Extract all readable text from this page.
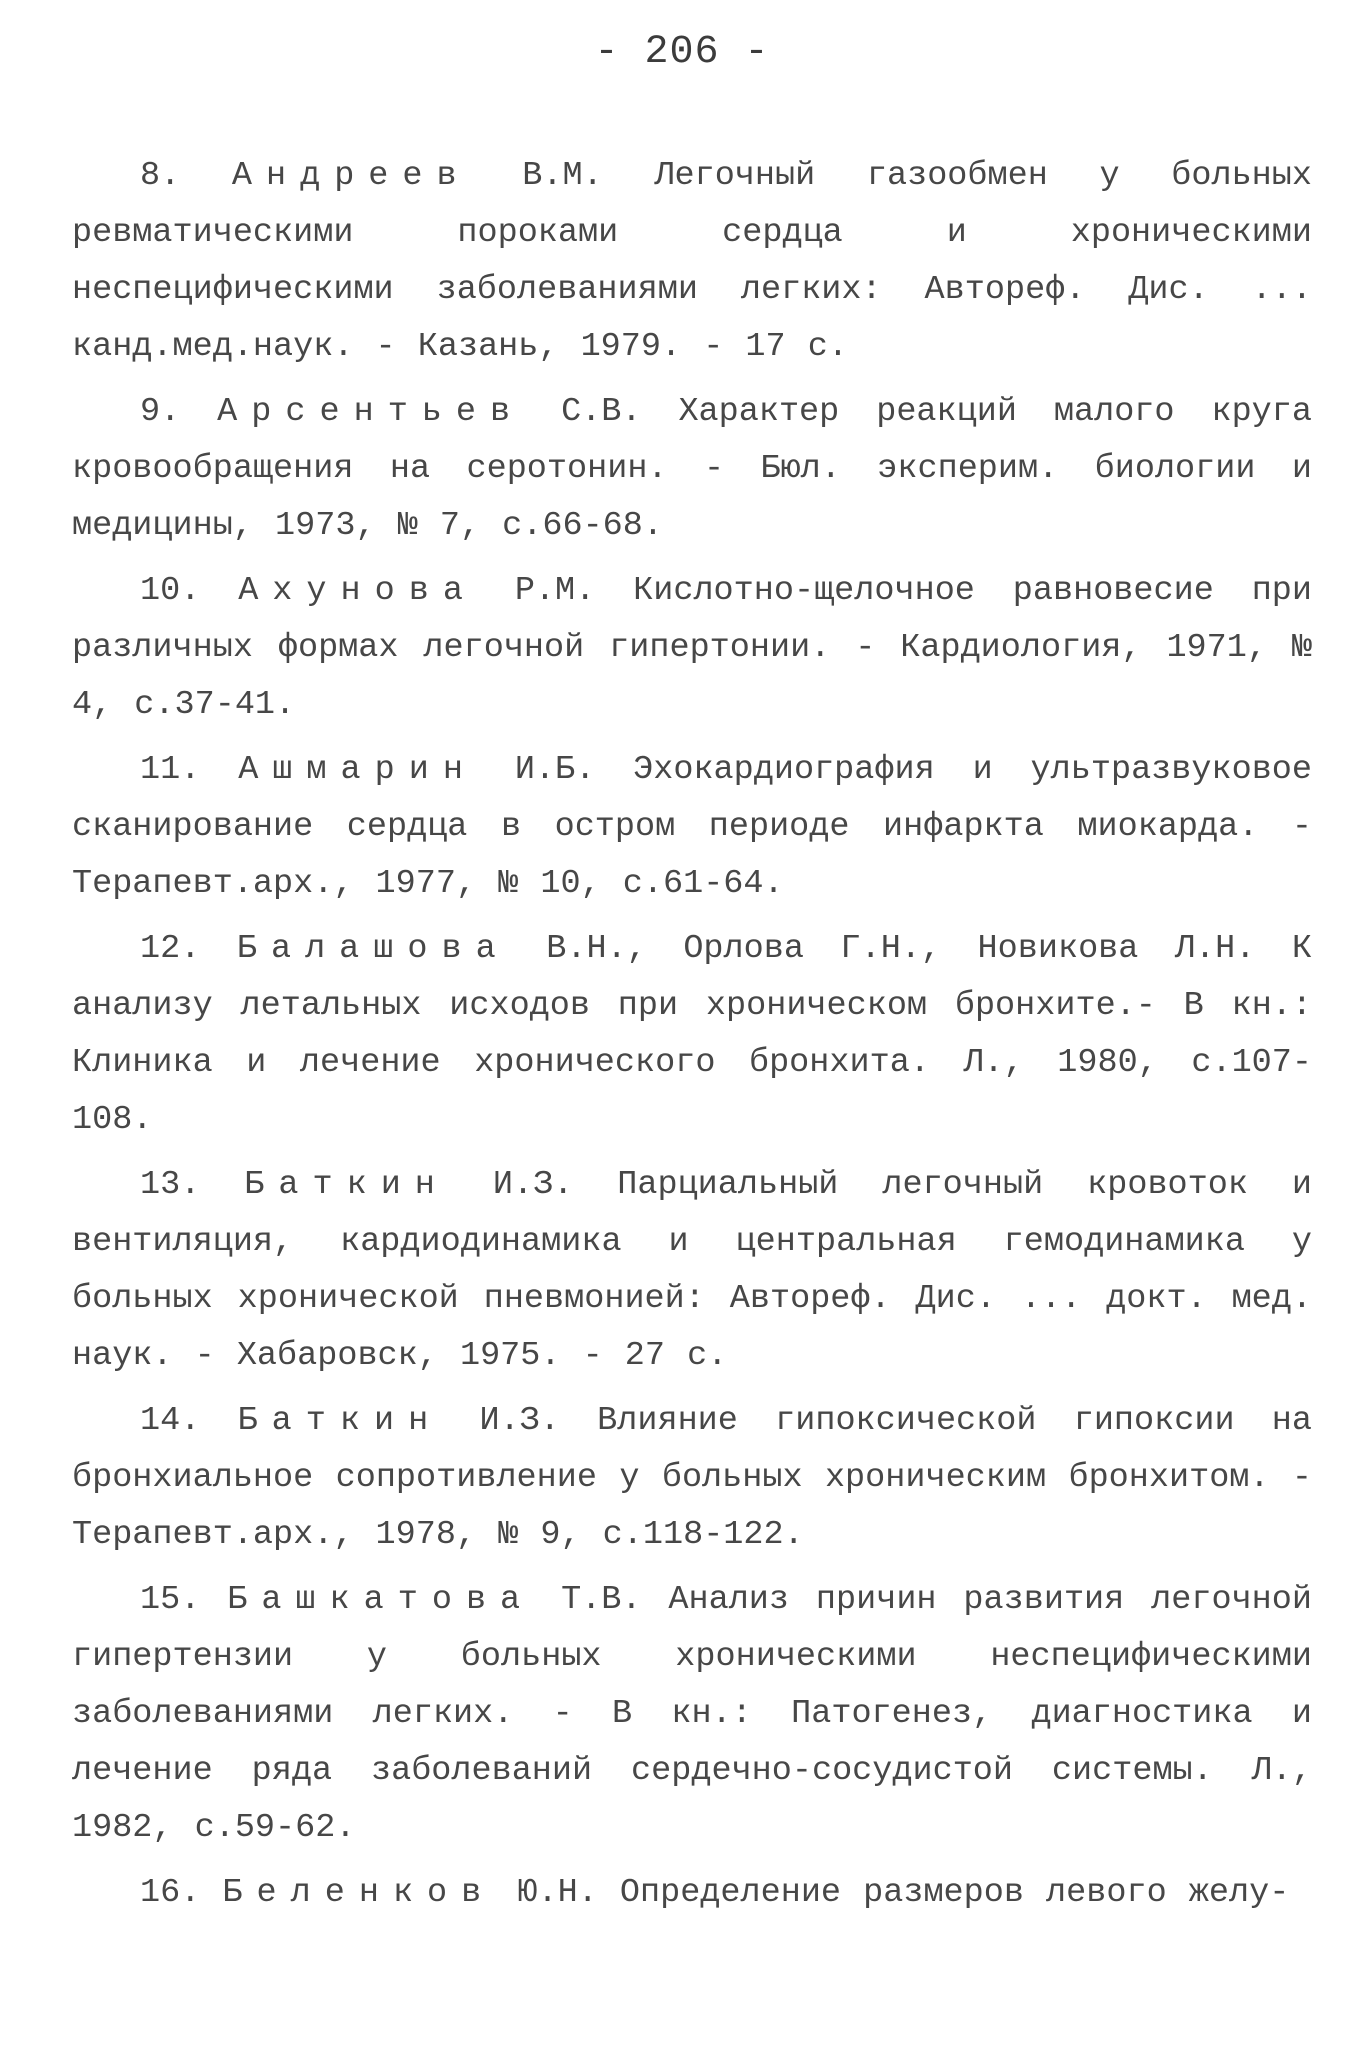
- 206 -

8. Андреев В.М. Легочный газообмен у больных ревматическими пороками сердца и хроническими неспецифическими заболеваниями легких: Автореф. Дис. ... канд.мед.наук. - Казань, 1979. - 17 с.

9. Арсентьев С.В. Характер реакций малого круга кровообращения на серотонин. - Бюл. эксперим. биологии и медицины, 1973, № 7, с.66-68.

10. Ахунова Р.М. Кислотно-щелочное равновесие при различных формах легочной гипертонии. - Кардиология, 1971, № 4, с.37-41.

11. Ашмарин И.Б. Эхокардиография и ультразвуковое сканирование сердца в остром периоде инфаркта миокарда. - Терапевт.арх., 1977, № 10, с.61-64.

12. Балашова В.Н., Орлова Г.Н., Новикова Л.Н. К анализу летальных исходов при хроническом бронхите.- В кн.: Клиника и лечение хронического бронхита. Л., 1980, с.107-108.

13. Баткин И.З. Парциальный легочный кровоток и вентиляция, кардиодинамика и центральная гемодинамика у больных хронической пневмонией: Автореф. Дис. ... докт. мед. наук. - Хабаровск, 1975. - 27 с.

14. Баткин И.З. Влияние гипоксической гипоксии на бронхиальное сопротивление у больных хроническим бронхитом. - Терапевт.арх., 1978, № 9, с.118-122.

15. Башкатова Т.В. Анализ причин развития легочной гипертензии у больных хроническими неспецифическими заболеваниями легких. - В кн.: Патогенез, диагностика и лечение ряда заболеваний сердечно-сосудистой системы. Л., 1982, с.59-62.

16. Беленков Ю.Н. Определение размеров левого желу-
